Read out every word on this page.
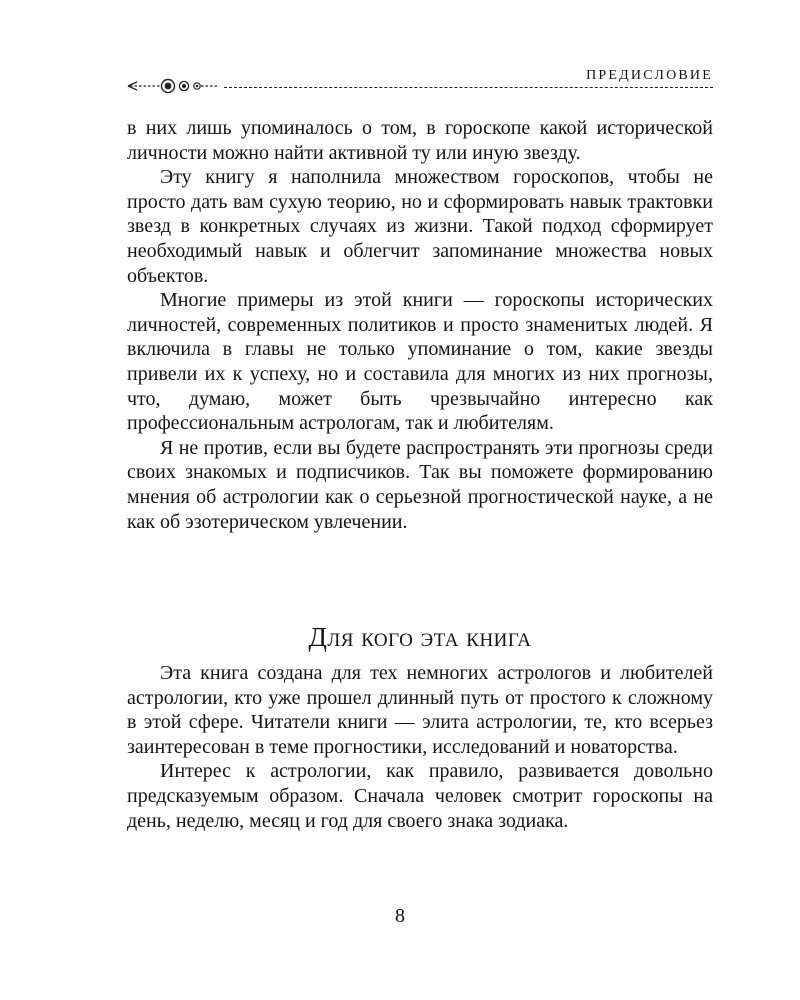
ПРЕДИСЛОВИЕ

в них лишь упоминалось о том, в гороскопе какой исторической личности можно найти активной ту или иную звезду.

Эту книгу я наполнила множеством гороскопов, чтобы не просто дать вам сухую теорию, но и сформировать навык трактовки звезд в конкретных случаях из жизни. Такой подход сформирует необходимый навык и облегчит запоминание множества новых объектов.

Многие примеры из этой книги — гороскопы исторических личностей, современных политиков и просто знаменитых людей. Я включила в главы не только упоминание о том, какие звезды привели их к успеху, но и составила для многих из них прогнозы, что, думаю, может быть чрезвычайно интересно как профессиональным астрологам, так и любителям.

Я не против, если вы будете распространять эти прогнозы среди своих знакомых и подписчиков. Так вы поможете формированию мнения об астрологии как о серьезной прогностической науке, а не как об эзотерическом увлечении.

Для кого эта книга

Эта книга создана для тех немногих астрологов и любителей астрологии, кто уже прошел длинный путь от простого к сложному в этой сфере. Читатели книги — элита астрологии, те, кто всерьез заинтересован в теме прогностики, исследований и новаторства.

Интерес к астрологии, как правило, развивается довольно предсказуемым образом. Сначала человек смотрит гороскопы на день, неделю, месяц и год для своего знака зодиака.

8
